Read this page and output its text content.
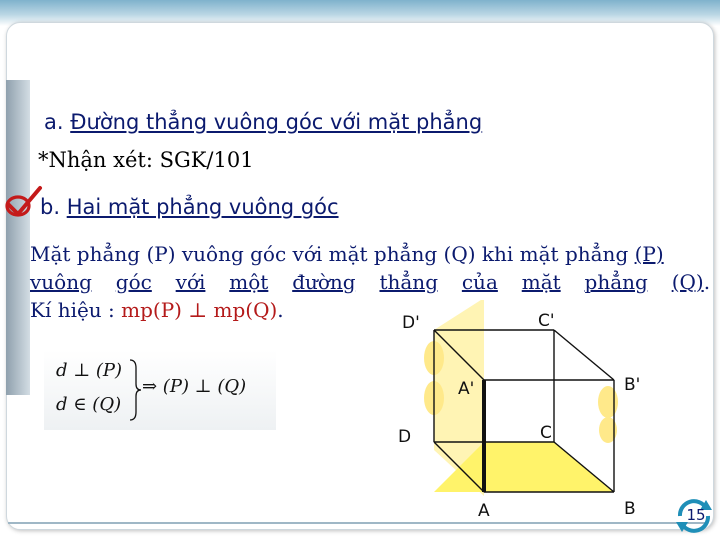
a. Đường thẳng vuông góc với mặt phẳng
*Nhận xét: SGK/101
b. Hai mặt phẳng vuông góc
Mặt phẳng (P) vuông góc với mặt phẳng (Q) khi mặt phẳng (P)
vuông góc với một đường thẳng của mặt phẳng (Q).
Kí hiệu : mp(P) ⊥ mp(Q).
d ⊥ (P)
d ∈ (Q)
⇒ (P) ⊥ (Q)
D'	C'
A'	B'
D	C
A	B	15
